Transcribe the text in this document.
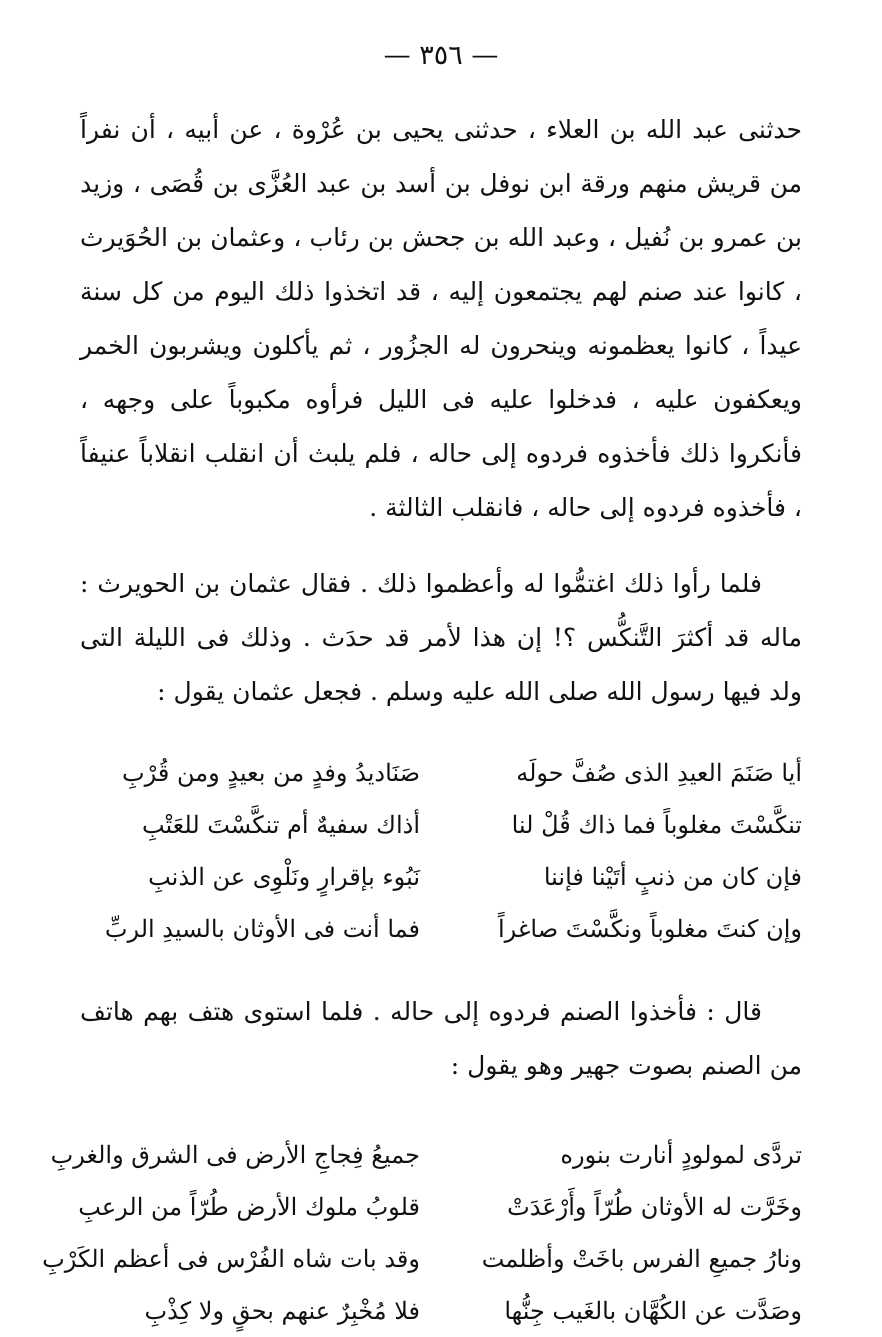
— ٣٥٦ —

حدثنى عبد الله بن العلاء ، حدثنى يحيى بن عُرْوة ، عن أبيه ، أن نفراً من قريش منهم ورقة ابن نوفل بن أسد بن عبد العُزَّى بن قُصَى ، وزيد بن عمرو بن نُفيل ، وعبد الله بن جحش بن رئاب ، وعثمان بن الحُوَيرث ، كانوا عند صنم لهم يجتمعون إليه ، قد اتخذوا ذلك اليوم من كل سنة عيداً ، كانوا يعظمونه وينحرون له الجزُور ، ثم يأكلون ويشربون الخمر ويعكفون عليه ، فدخلوا عليه فى الليل فرأوه مكبوباً على وجهه ، فأنكروا ذلك فأخذوه فردوه إلى حاله ، فلم يلبث أن انقلب انقلاباً عنيفاً ، فأخذوه فردوه إلى حاله ، فانقلب الثالثة .

فلما رأوا ذلك اغتمُّوا له وأعظموا ذلك . فقال عثمان بن الحويرث : ماله قد أكثرَ التَّنكُّس ؟! إن هذا لأمر قد حدَث . وذلك فى الليلة التى ولد فيها رسول الله صلى الله عليه وسلم . فجعل عثمان يقول :

أيا صَنَمَ العيدِ الذى صُفَّ حولَه
صَنَاديدُ وفدٍ من بعيدٍ ومن قُرْبِ
تنكَّسْتَ مغلوباً فما ذاك قُلْ لنا
أذاك سفيهٌ أم تنكَّسْتَ للعَتْبِ
فإن كان من ذنبٍ أتَيْنا فإننا
نَبُوء بإقرارٍ ونَلْوِى عن الذنبِ
وإن كنتَ مغلوباً ونكَّسْتَ صاغراً
فما أنت فى الأوثان بالسيدِ الربِّ

قال : فأخذوا الصنم فردوه إلى حاله . فلما استوى هتف بهم هاتف من الصنم بصوت جهير وهو يقول :

تردَّى لمولودٍ أنارت بنوره
جميعُ فِجاجِ الأرض فى الشرق والغربِ
وخَرَّت له الأوثان طُرّاً وأَرْعَدَتْ
قلوبُ ملوك الأرض طُرّاً من الرعبِ
ونارُ جميعِ الفرس باخَتْ وأظلمت
وقد بات شاه الفُرْس فى أعظم الكَرْبِ
وصَدَّت عن الكُهَّان بالغَيب جِنُّها
فلا مُخْبِرٌ عنهم بحقٍ ولا كِذْبِ
